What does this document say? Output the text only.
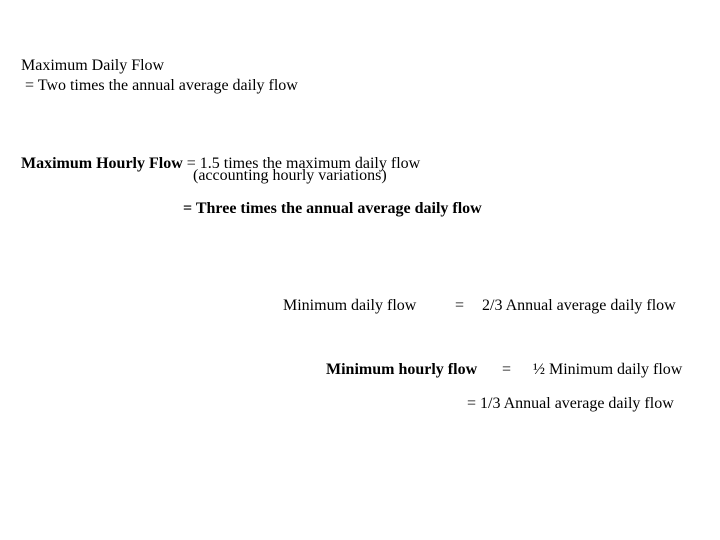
Maximum Daily Flow
= Two times the annual average daily flow

Maximum Hourly Flow = 1.5 times the maximum daily flow

(accounting hourly variations)
= Three times the annual average daily flow
Minimum daily flow = 2/3 Annual average daily flow
Minimum hourly flow = ½ Minimum daily flow
= 1/3 Annual average daily flow
